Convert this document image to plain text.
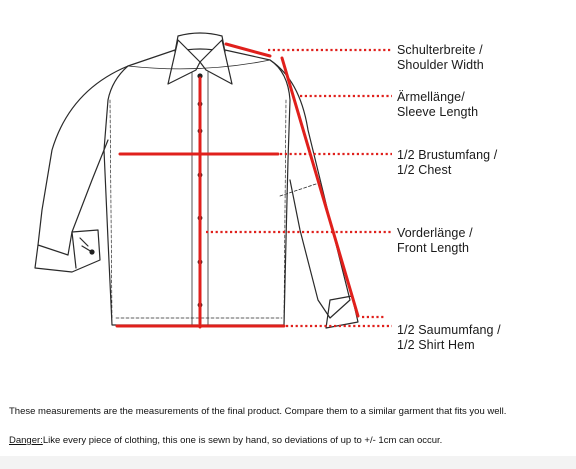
Schulterbreite /
Shoulder Width
Ärmellänge/
Sleeve Length
1/2 Brustumfang /
1/2 Chest
Vorderlänge /
Front Length
1/2 Saumumfang /
1/2 Shirt Hem
These measurements are the measurements of the final product. Compare them to a similar garment that fits you well.
Danger:Like every piece of clothing, this one is sewn by hand, so deviations of up to +/- 1cm can occur.
